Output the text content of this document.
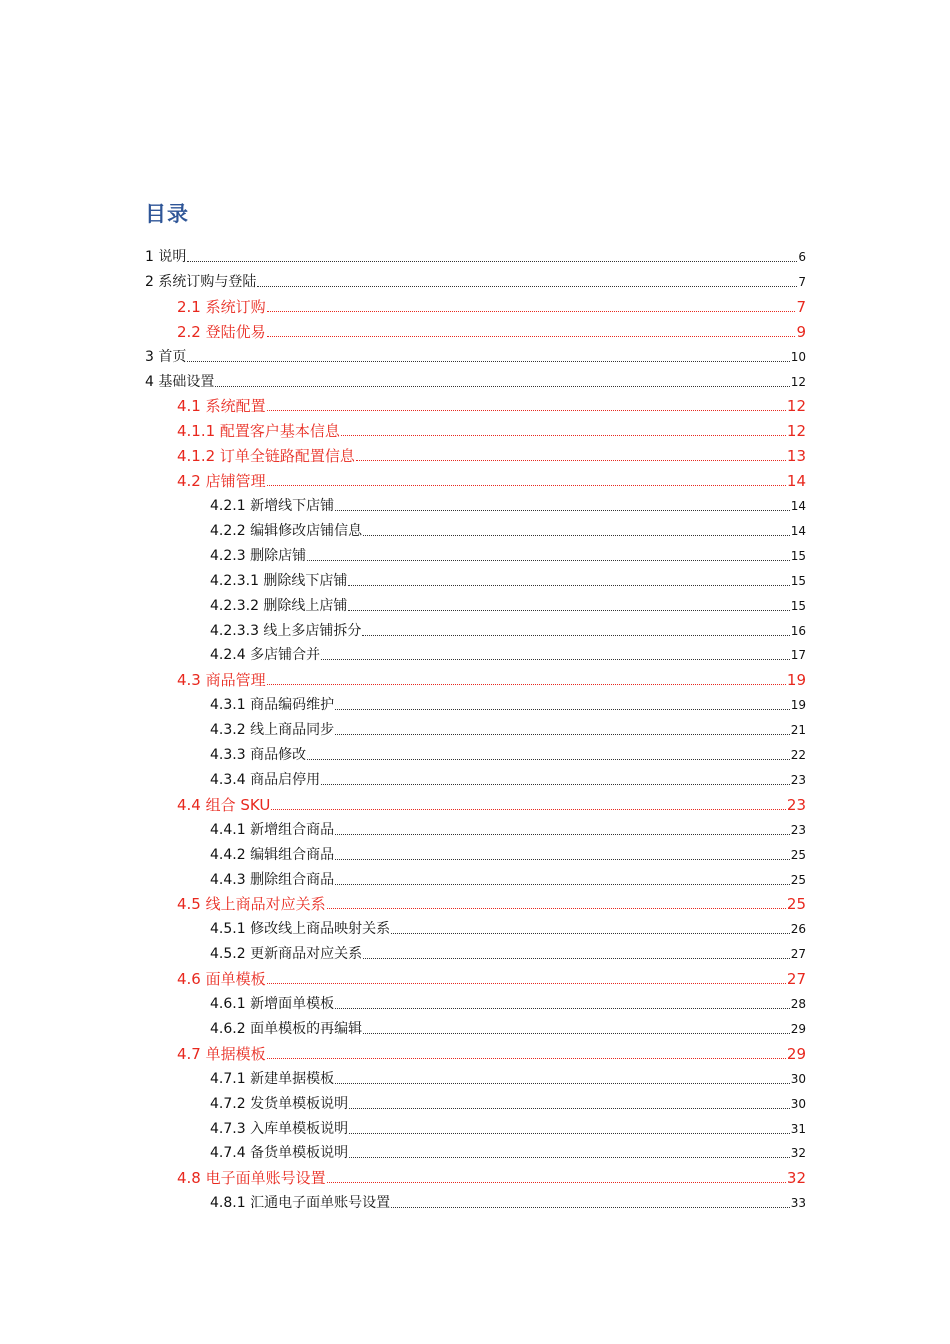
目录
1 说明	6
2 系统订购与登陆	7
2.1 系统订购	7
2.2 登陆优易	9
3 首页	10
4 基础设置	12
4.1 系统配置	12
4.1.1 配置客户基本信息	12
4.1.2 订单全链路配置信息	13
4.2 店铺管理	14
4.2.1 新增线下店铺	14
4.2.2 编辑修改店铺信息	14
4.2.3 删除店铺	15
4.2.3.1 删除线下店铺	15
4.2.3.2 删除线上店铺	15
4.2.3.3 线上多店铺拆分	16
4.2.4 多店铺合并	17
4.3 商品管理	19
4.3.1 商品编码维护	19
4.3.2 线上商品同步	21
4.3.3 商品修改	22
4.3.4 商品启停用	23
4.4 组合 SKU	23
4.4.1 新增组合商品	23
4.4.2 编辑组合商品	25
4.4.3 删除组合商品	25
4.5 线上商品对应关系	25
4.5.1 修改线上商品映射关系	26
4.5.2 更新商品对应关系	27
4.6 面单模板	27
4.6.1 新增面单模板	28
4.6.2 面单模板的再编辑	29
4.7 单据模板	29
4.7.1 新建单据模板	30
4.7.2 发货单模板说明	30
4.7.3 入库单模板说明	31
4.7.4 备货单模板说明	32
4.8 电子面单账号设置	32
4.8.1 汇通电子面单账号设置	33
